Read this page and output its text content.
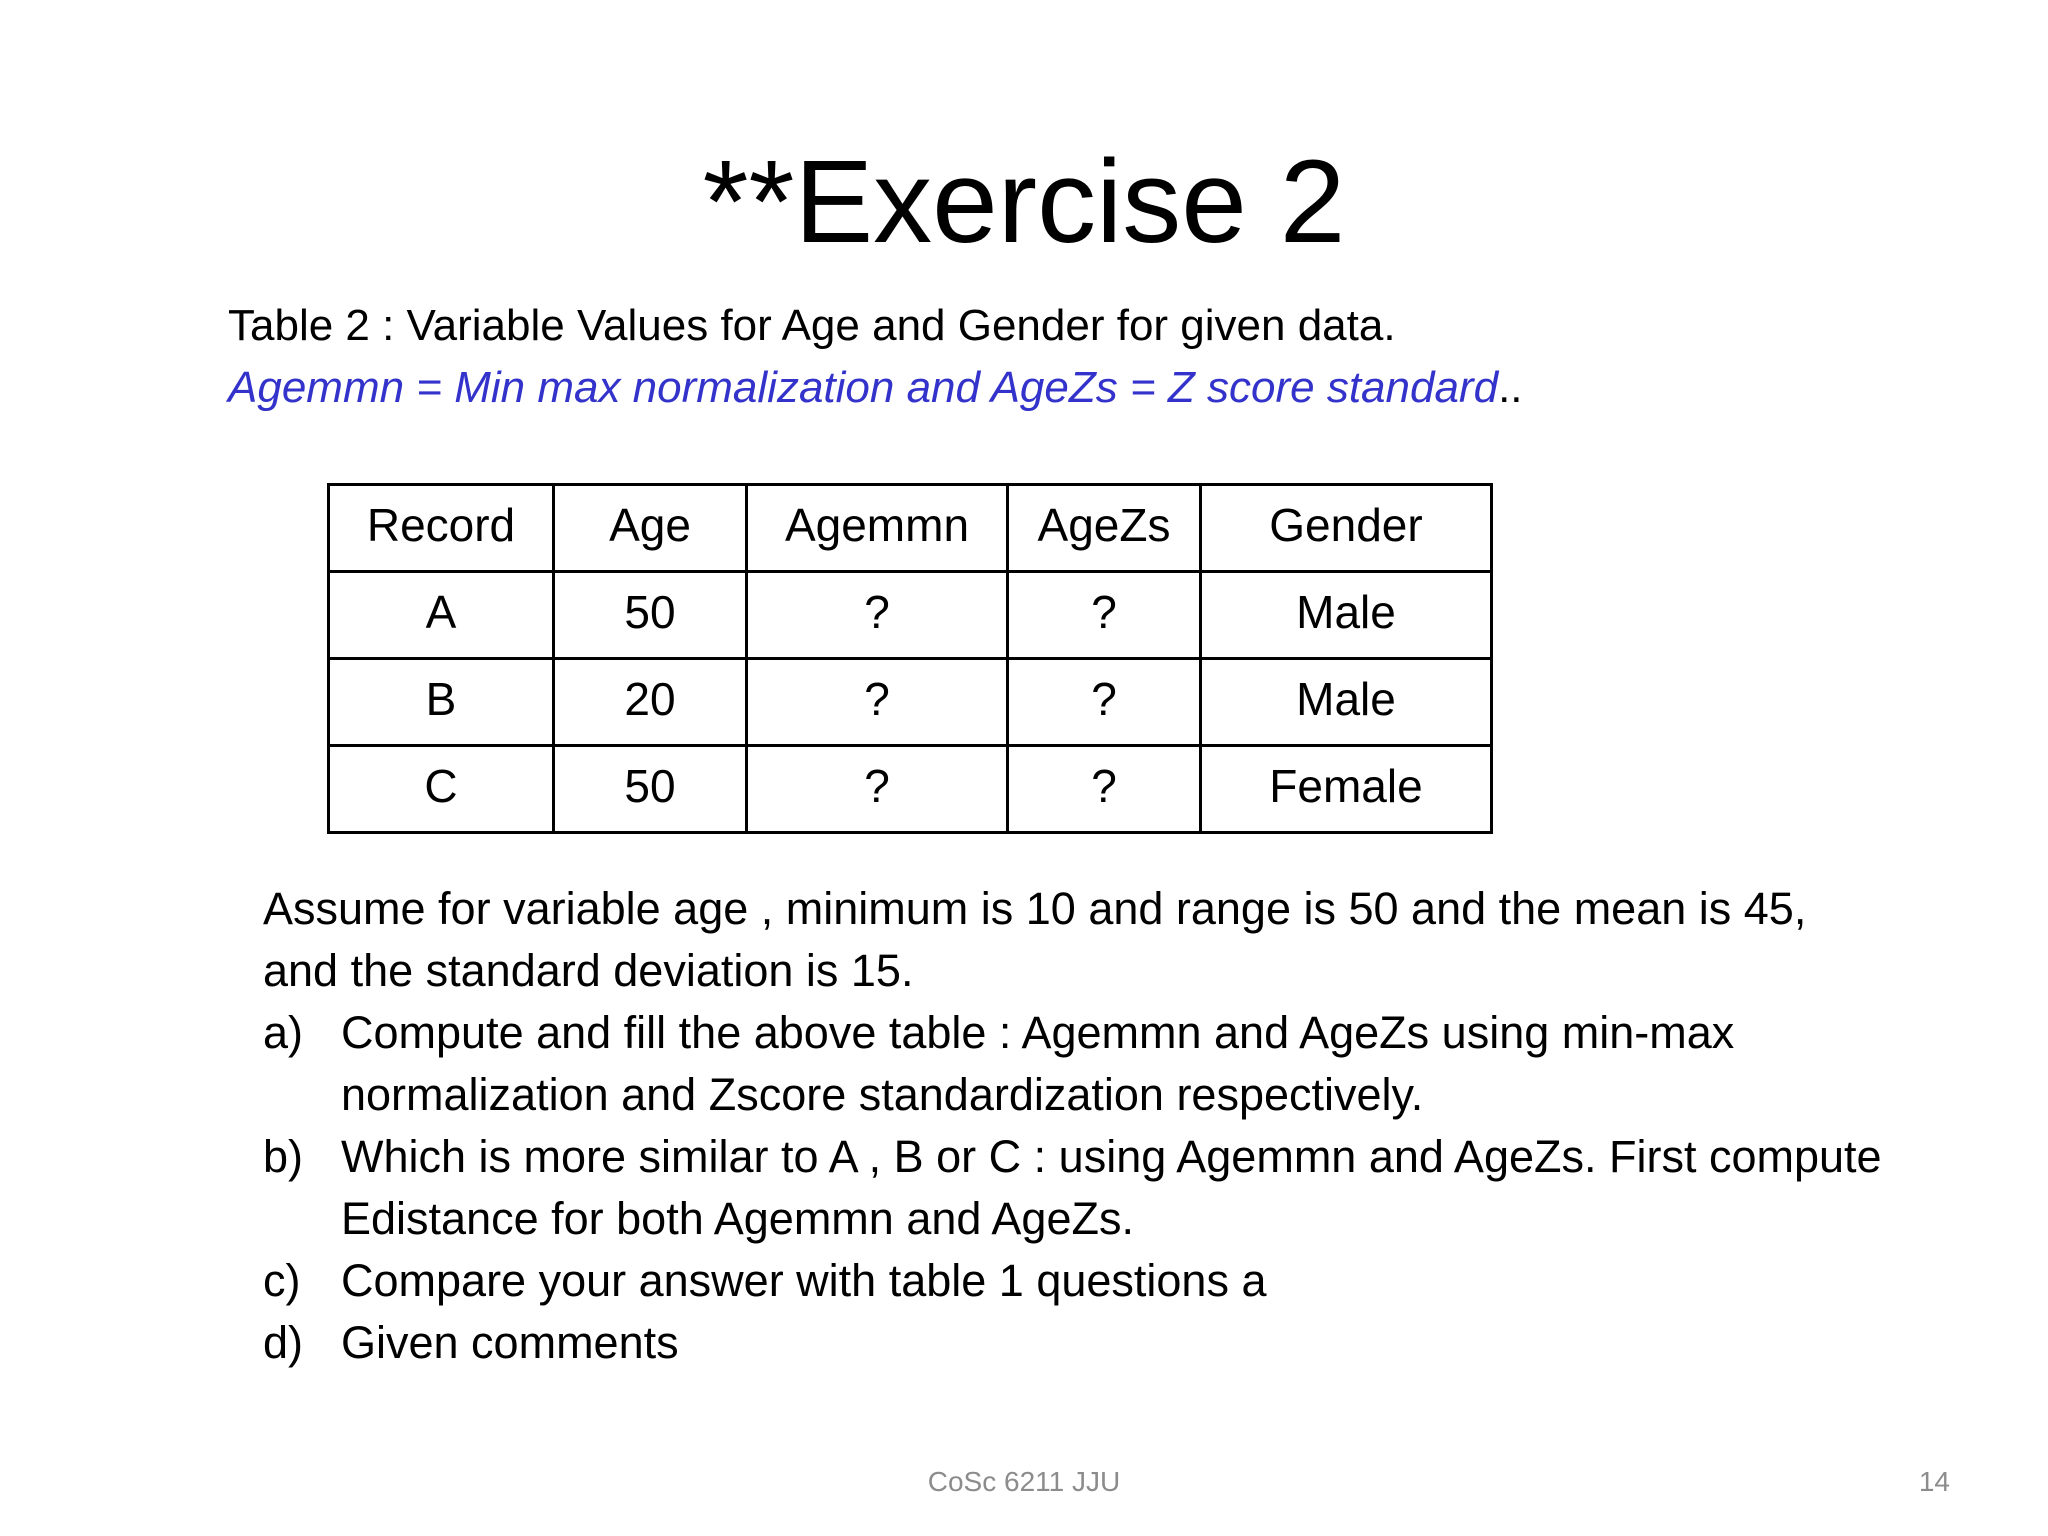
**Exercise 2
Table 2 : Variable Values for Age and Gender for given data.
Agemmn = Min max normalization and AgeZs = Z score standard..
Record	Age	Agemmn	AgeZs	Gender
A	50	?	?	Male
B	20	?	?	Male
C	50	?	?	Female

Assume for variable age , minimum is 10 and range is 50 and the mean is 45,

and the standard deviation is 15.

a) Compute and fill the above table : Agemmn and AgeZs using min-max normalization and Zscore standardization respectively.
b) Which is more similar to A , B or C : using Agemmn and AgeZs. First compute Edistance for both Agemmn and AgeZs.
c) Compare your answer with table 1 questions a
d) Given comments
CoSc 6211 JJU	14
